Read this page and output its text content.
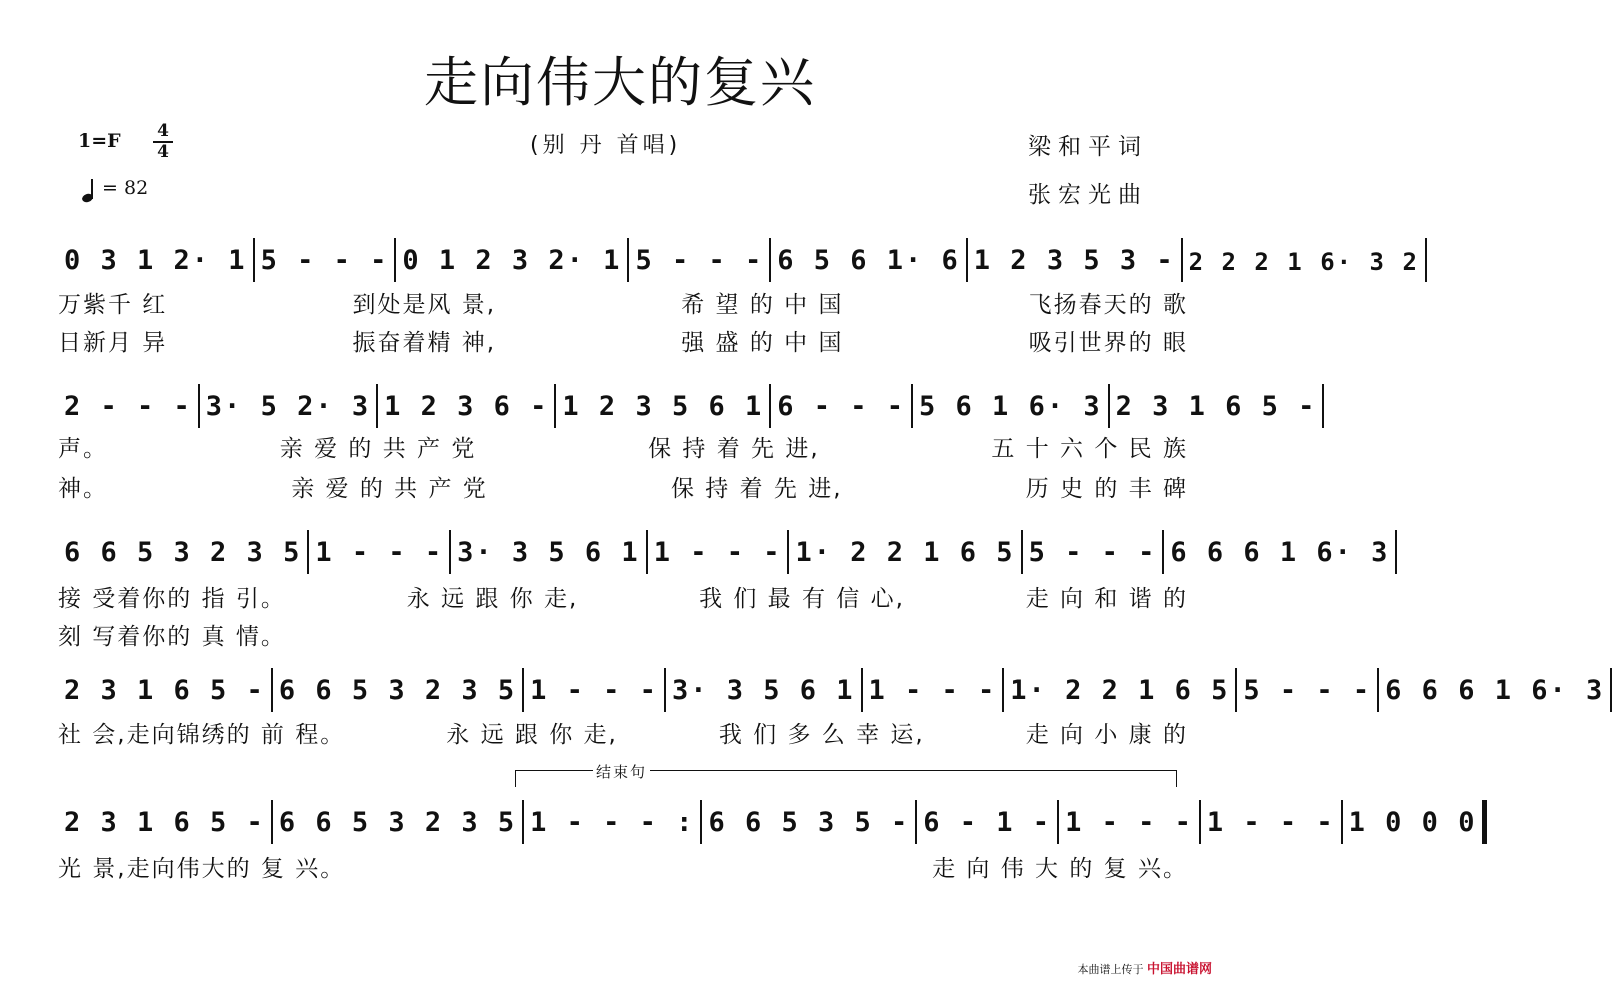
走向伟大的复兴
1=F 4
4
= 82
(别 丹 首唱)	梁和平词
张宏光曲
0 3 1 2· 1 5 - - - 0 1 2 3 2· 1 5 - - - 6 5 6 1· 6 1 2 3 5 3 - 2 2 2 1 6· 3 2
万紫千 红	到处是风 景,	希 望 的 中 国	飞扬春天的 歌
日新月 异	振奋着精 神,	强 盛 的 中 国	吸引世界的 眼
2 - - - 3· 5 2· 3 1 2 3 6 - 1 2 3 5 6 1 6 - - - 5 6 1 6· 3 2 3 1 6 5 -
声。	亲 爱 的 共 产 党	保 持 着 先 进,	五 十 六 个 民 族
神。	亲 爱 的 共 产 党	保 持 着 先 进,	历 史 的 丰 碑
6 6 5 3 2 3 5 1 - - - 3· 3 5 6 1 1 - - - 1· 2 2 1 6 5 5 - - - 6 6 6 1 6· 3
接 受着你的 指 引。	永 远 跟 你 走,	我 们 最 有 信 心,	走 向 和 谐 的
刻 写着你的 真 情。
2 3 1 6 5 - 6 6 5 3 2 3 5 1 - - - 3· 3 5 6 1 1 - - - 1· 2 2 1 6 5 5 - - - 6 6 6 1 6· 3
社 会,走向锦绣的 前 程。	永 远 跟 你 走,	我 们 多 么 幸 运,	走 向 小 康 的
2 3 1 6 5 - 6 6 5 3 2 3 5 1 - - - : 6 6 5 3 5 - 6 - 1 - 1 - - - 1 - - - 1 0 0 0
光 景,走向伟大的 复 兴。	走 向 伟 大 的 复 兴。
结束句
本曲谱上传于 中国曲谱网
